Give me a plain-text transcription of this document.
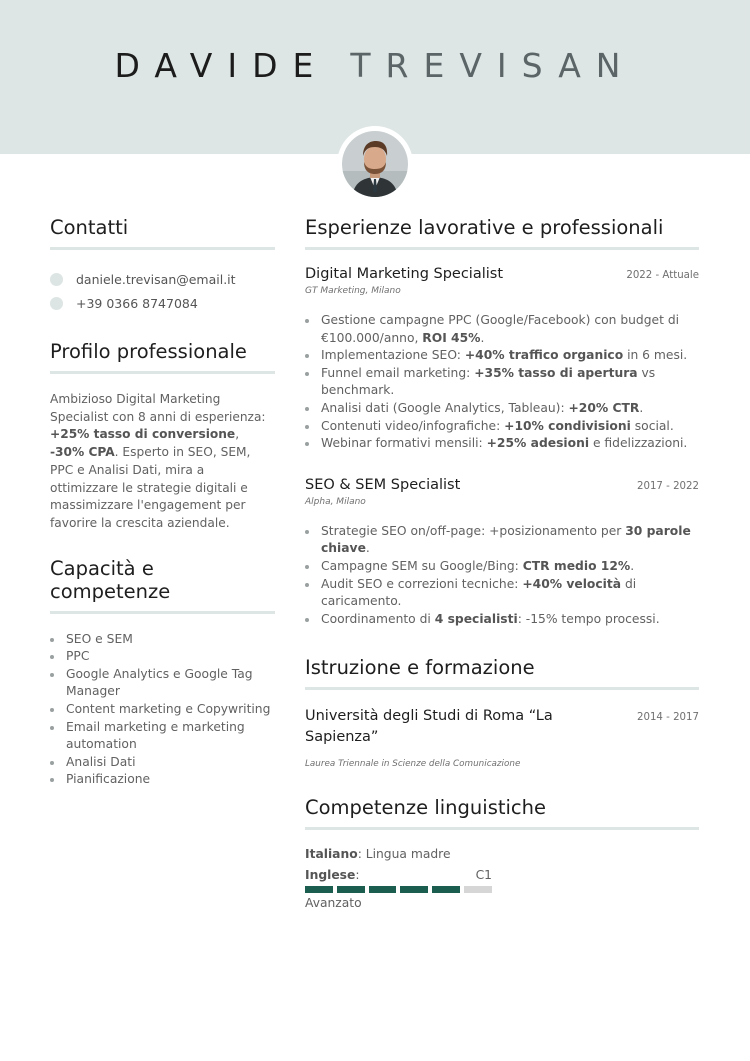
DAVIDE TREVISAN
Contatti
daniele.trevisan@email.it
+39 0366 8747084
Profilo professionale

Ambizioso Digital Marketing Specialist con 8 anni di esperienza: +25% tasso di conversione, -30% CPA. Esperto in SEO, SEM, PPC e Analisi Dati, mira a ottimizzare le strategie digitali e massimizzare l'engagement per favorire la crescita aziendale.

Capacità e competenze
SEO e SEM
PPC
Google Analytics e Google Tag Manager
Content marketing e Copywriting
Email marketing e marketing automation
Analisi Dati
Pianificazione
Esperienze lavorative e professionali
Digital Marketing Specialist	2022 - Attuale
GT Marketing, Milano
Gestione campagne PPC (Google/Facebook) con budget di €100.000/anno, ROI 45%.
Implementazione SEO: +40% traffico organico in 6 mesi.
Funnel email marketing: +35% tasso di apertura vs benchmark.
Analisi dati (Google Analytics, Tableau): +20% CTR.
Contenuti video/infografiche: +10% condivisioni social.
Webinar formativi mensili: +25% adesioni e fidelizzazioni.
SEO & SEM Specialist	2017 - 2022
Alpha, Milano
Strategie SEO on/off-page: +posizionamento per 30 parole chiave.
Campagne SEM su Google/Bing: CTR medio 12%.
Audit SEO e correzioni tecniche: +40% velocità di caricamento.
Coordinamento di 4 specialisti: -15% tempo processi.
Istruzione e formazione
Università degli Studi di Roma “La Sapienza”
2014 - 2017
Laurea Triennale in Scienze della Comunicazione
Competenze linguistiche
Italiano: Lingua madre
Inglese:	C1
Avanzato
